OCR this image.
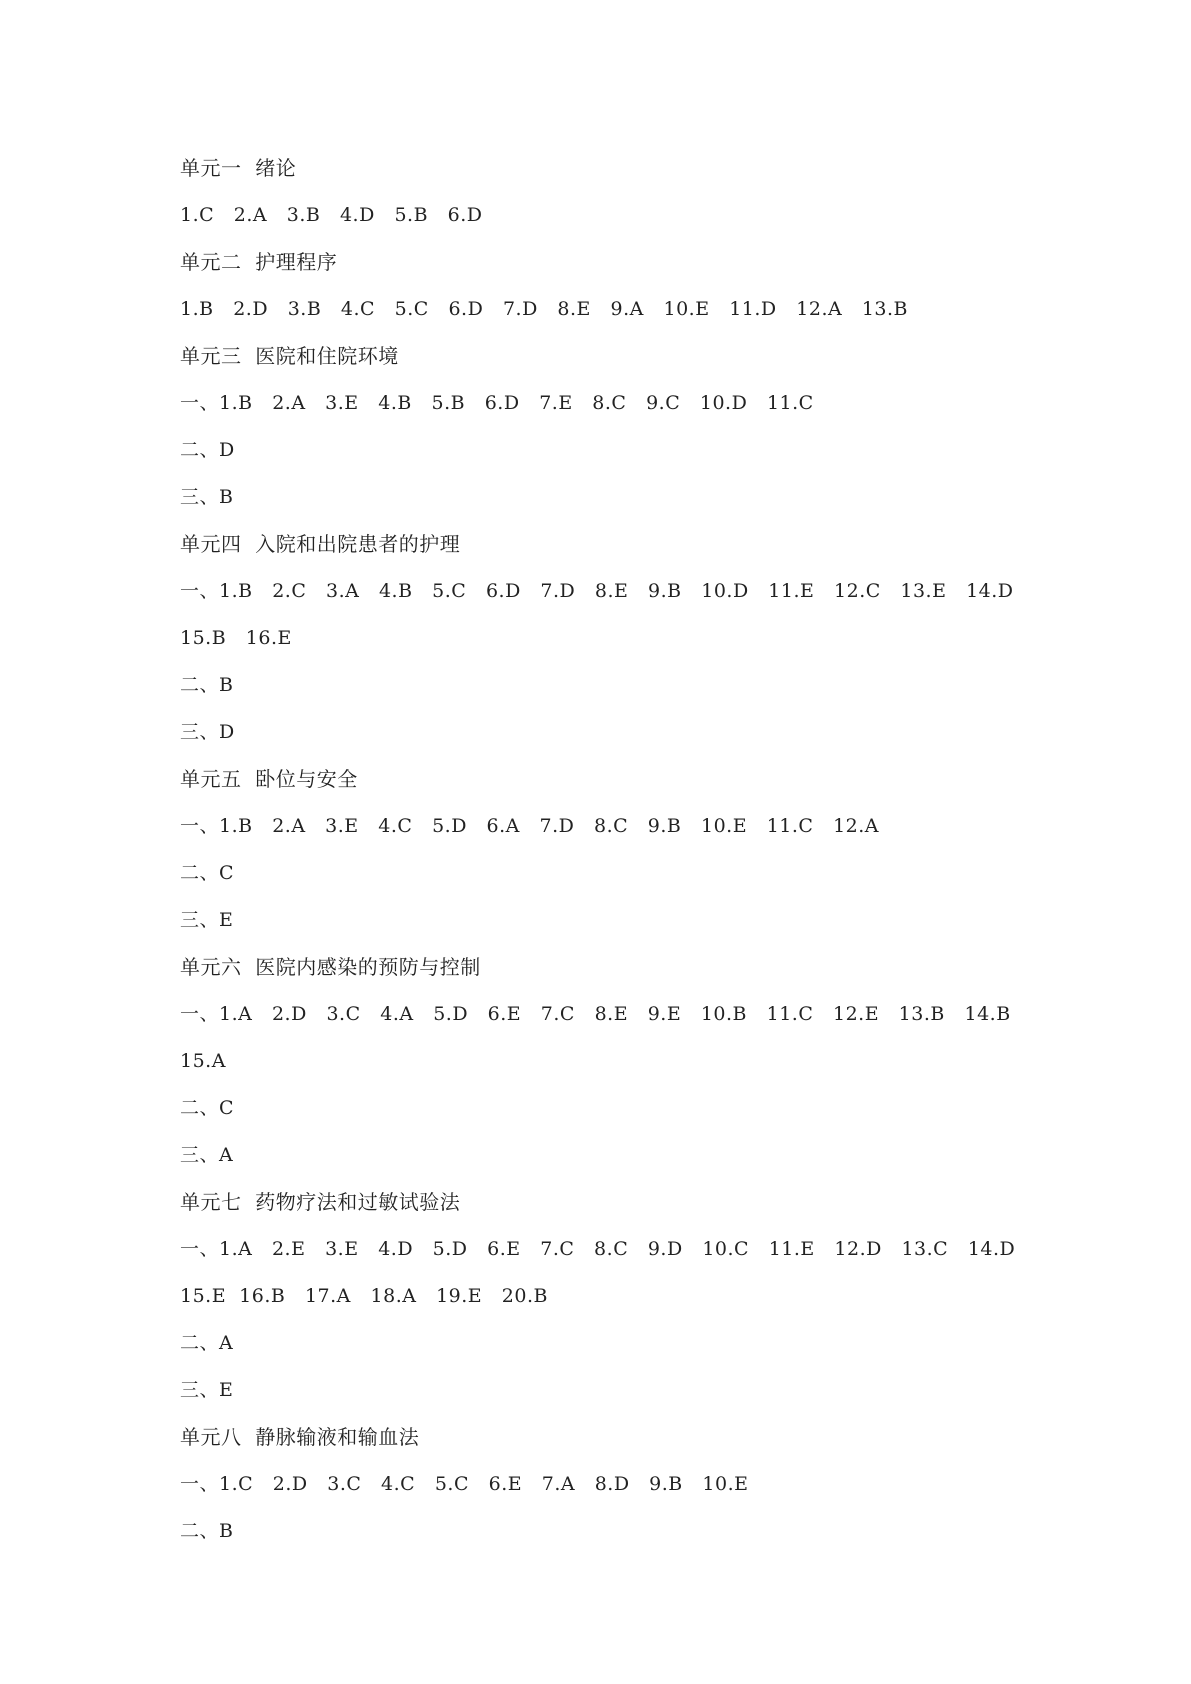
单元一  绪论
1.C   2.A   3.B   4.D   5.B   6.D
单元二  护理程序
1.B   2.D   3.B   4.C   5.C   6.D   7.D   8.E   9.A   10.E   11.D   12.A   13.B
单元三  医院和住院环境
一、1.B   2.A   3.E   4.B   5.B   6.D   7.E   8.C   9.C   10.D   11.C
二、D
三、B
单元四  入院和出院患者的护理
一、1.B   2.C   3.A   4.B   5.C   6.D   7.D   8.E   9.B   10.D   11.E   12.C   13.E   14.D
15.B   16.E
二、B
三、D
单元五  卧位与安全
一、1.B   2.A   3.E   4.C   5.D   6.A   7.D   8.C   9.B   10.E   11.C   12.A
二、C
三、E
单元六  医院内感染的预防与控制
一、1.A   2.D   3.C   4.A   5.D   6.E   7.C   8.E   9.E   10.B   11.C   12.E   13.B   14.B
15.A
二、C
三、A
单元七  药物疗法和过敏试验法
一、1.A   2.E   3.E   4.D   5.D   6.E   7.C   8.C   9.D   10.C   11.E   12.D   13.C   14.D
15.E  16.B   17.A   18.A   19.E   20.B
二、A
三、E
单元八  静脉输液和输血法
一、1.C   2.D   3.C   4.C   5.C   6.E   7.A   8.D   9.B   10.E
二、B
